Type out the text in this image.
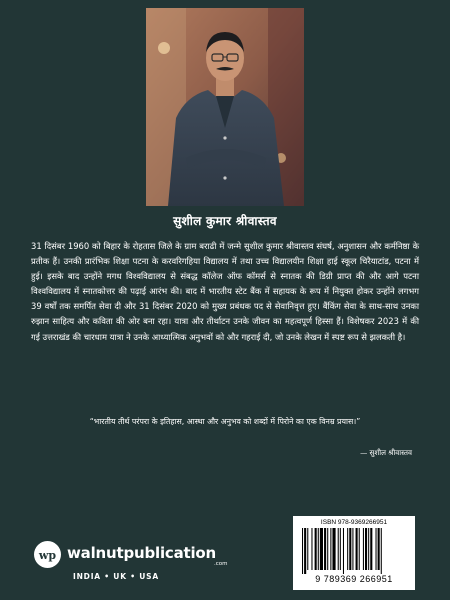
सुशील कुमार श्रीवास्तव

31 दिसंबर 1960 को बिहार के रोहतास जिले के ग्राम बराढी में जन्मे सुशील कुमार श्रीवास्तव संघर्ष, अनुशासन और कर्मनिष्ठा के प्रतीक हैं। उनकी प्रारंभिक शिक्षा पटना के करवरिगहिया विद्यालय में तथा उच्च विद्यालयीन शिक्षा हाई स्कूल चिरैयाटांड, पटना में हुई। इसके बाद उन्होंने मगध विश्वविद्यालय से संबद्ध कॉलेज ऑफ कॉमर्स से स्नातक की डिग्री प्राप्त की और आगे पटना विश्वविद्यालय में स्नातकोत्तर की पढ़ाई आरंभ की। बाद में भारतीय स्टेट बैंक में सहायक के रूप में नियुक्त होकर उन्होंने लगभग 39 वर्षों तक समर्पित सेवा दी और 31 दिसंबर 2020 को मुख्य प्रबंधक पद से सेवानिवृत्त हुए। बैंकिंग सेवा के साथ-साथ उनका रुझान साहित्य और कविता की ओर बना रहा। यात्रा और तीर्थाटन उनके जीवन का महत्वपूर्ण हिस्सा हैं। विशेषकर 2023 में की गई उत्तराखंड की चारधाम यात्रा ने उनके आध्यात्मिक अनुभवों को और गहराई दी, जो उनके लेखन में स्पष्ट रूप से झलकती है।

“भारतीय तीर्थ परंपरा के इतिहास, आस्था और अनुभव को शब्दों में पिरोने का एक विनम्र प्रयास।”

— सुशील श्रीवास्तव

wp walnutpublication
.com
INDIA • UK • USA
ISBN 978-9369266951
9 789369 266951
